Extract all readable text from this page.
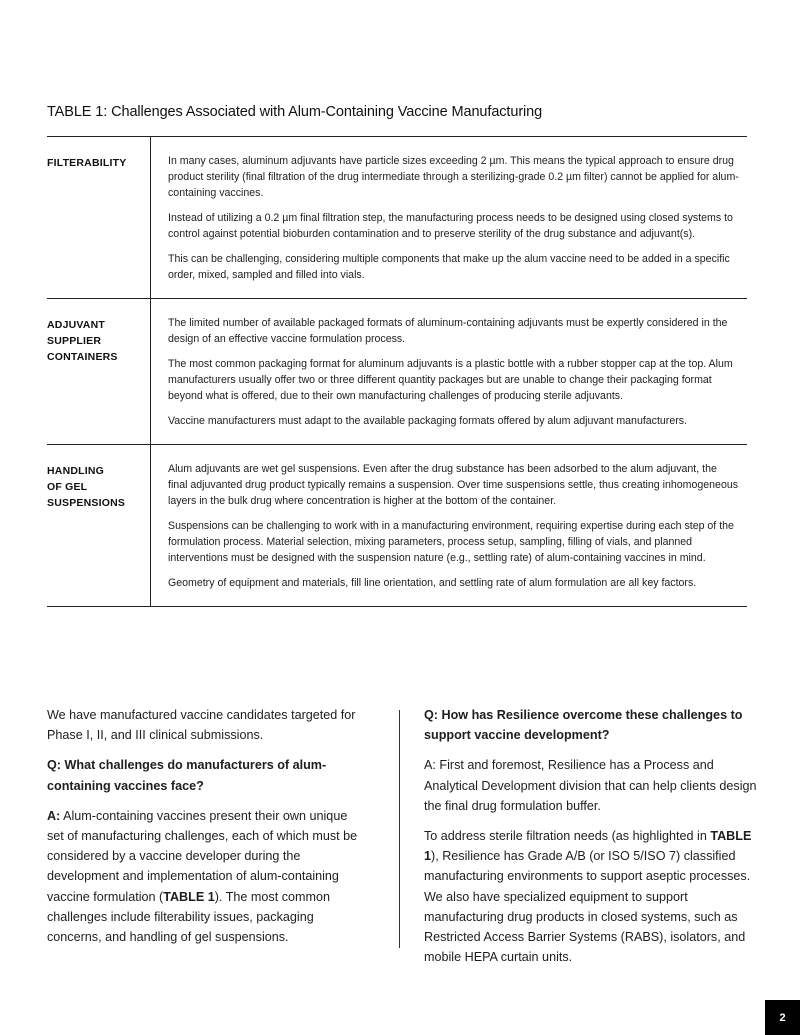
TABLE 1: Challenges Associated with Alum-Containing Vaccine Manufacturing
FILTERABILITY	In many cases, aluminum adjuvants have particle sizes exceeding 2 µm. This means the typical approach to ensure drug product sterility (final filtration of the drug intermediate through a sterilizing-grade 0.2 µm filter) cannot be applied for alum-containing vaccines.

Instead of utilizing a 0.2 µm final filtration step, the manufacturing process needs to be designed using closed systems to control against potential bioburden contamination and to preserve sterility of the drug substance and adjuvant(s).

This can be challenging, considering multiple components that make up the alum vaccine need to be added in a specific order, mixed, sampled and filled into vials.

ADJUVANT
SUPPLIER
CONTAINERS

The limited number of available packaged formats of aluminum-containing adjuvants must be expertly considered in the design of an effective vaccine formulation process.

The most common packaging format for aluminum adjuvants is a plastic bottle with a rubber stopper cap at the top. Alum manufacturers usually offer two or three different quantity packages but are unable to change their packaging format beyond what is offered, due to their own manufacturing challenges of producing sterile adjuvants.

Vaccine manufacturers must adapt to the available packaging formats offered by alum adjuvant manufacturers.

HANDLING
OF GEL
SUSPENSIONS

Alum adjuvants are wet gel suspensions. Even after the drug substance has been adsorbed to the alum adjuvant, the final adjuvanted drug product typically remains a suspension. Over time suspensions settle, thus creating inhomogeneous layers in the bulk drug where concentration is higher at the bottom of the container.

Suspensions can be challenging to work with in a manufacturing environment, requiring expertise during each step of the formulation process. Material selection, mixing parameters, process setup, sampling, filling of vials, and planned interventions must be designed with the suspension nature (e.g., settling rate) of alum-containing vaccines in mind.

Geometry of equipment and materials, fill line orientation, and settling rate of alum formulation are all key factors.

We have manufactured vaccine candidates targeted for Phase I, II, and III clinical submissions.

Q: What challenges do manufacturers of alum-containing vaccines face?

A: Alum-containing vaccines present their own unique set of manufacturing challenges, each of which must be considered by a vaccine developer during the development and implementation of alum-containing vaccine formulation (TABLE 1). The most common challenges include filterability issues, packaging concerns, and handling of gel suspensions.

Q: How has Resilience overcome these challenges to support vaccine development?

A: First and foremost, Resilience has a Process and Analytical Development division that can help clients design the final drug formulation buffer.

To address sterile filtration needs (as highlighted in TABLE 1), Resilience has Grade A/B (or ISO 5/ISO 7) classified manufacturing environments to support aseptic processes. We also have specialized equipment to support manufacturing drug products in closed systems, such as Restricted Access Barrier Systems (RABS), isolators, and mobile HEPA curtain units.

2
